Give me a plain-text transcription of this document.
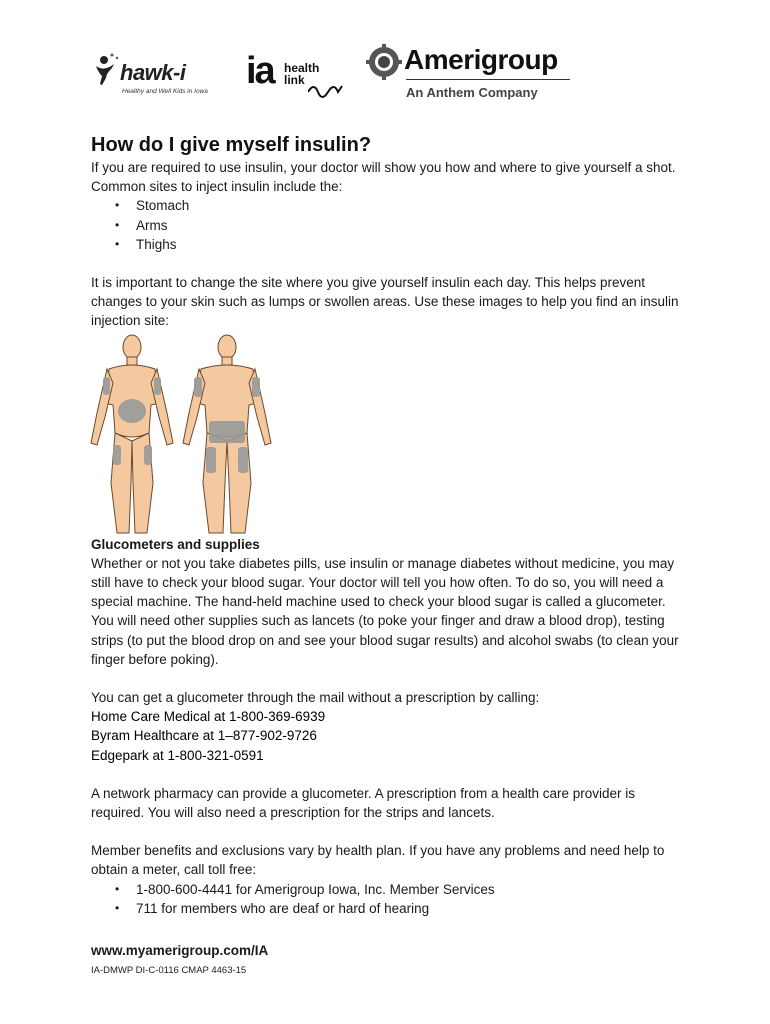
hawk-i
Healthy and Well Kids in Iowa ia health
link
Amerigroup
An Anthem Company
How do I give myself insulin?

If you are required to use insulin, your doctor will show you how and where to give yourself a shot. Common sites to inject insulin include the:

• Stomach
• Arms
• Thighs

It is important to change the site where you give yourself insulin each day. This helps prevent changes to your skin such as lumps or swollen areas. Use these images to help you find an insulin injection site:

Glucometers and supplies

Whether or not you take diabetes pills, use insulin or manage diabetes without medicine, you may still have to check your blood sugar. Your doctor will tell you how often. To do so, you will need a special machine. The hand-held machine used to check your blood sugar is called a glucometer. You will need other supplies such as lancets (to poke your finger and draw a blood drop), testing strips (to put the blood drop on and see your blood sugar results) and alcohol swabs (to clean your finger before poking).

You can get a glucometer through the mail without a prescription by calling:

Home Care Medical at 1-800-369-6939
Byram Healthcare at 1–877-902-9726
Edgepark at 1-800-321-0591

A network pharmacy can provide a glucometer. A prescription from a health care provider is required. You will also need a prescription for the strips and lancets.

Member benefits and exclusions vary by health plan. If you have any problems and need help to obtain a meter, call toll free:

• 1-800-600-4441 for Amerigroup Iowa, Inc. Member Services
• 711 for members who are deaf or hard of hearing
www.myamerigroup.com/IA
IA-DMWP DI-C-0116 CMAP 4463-15
